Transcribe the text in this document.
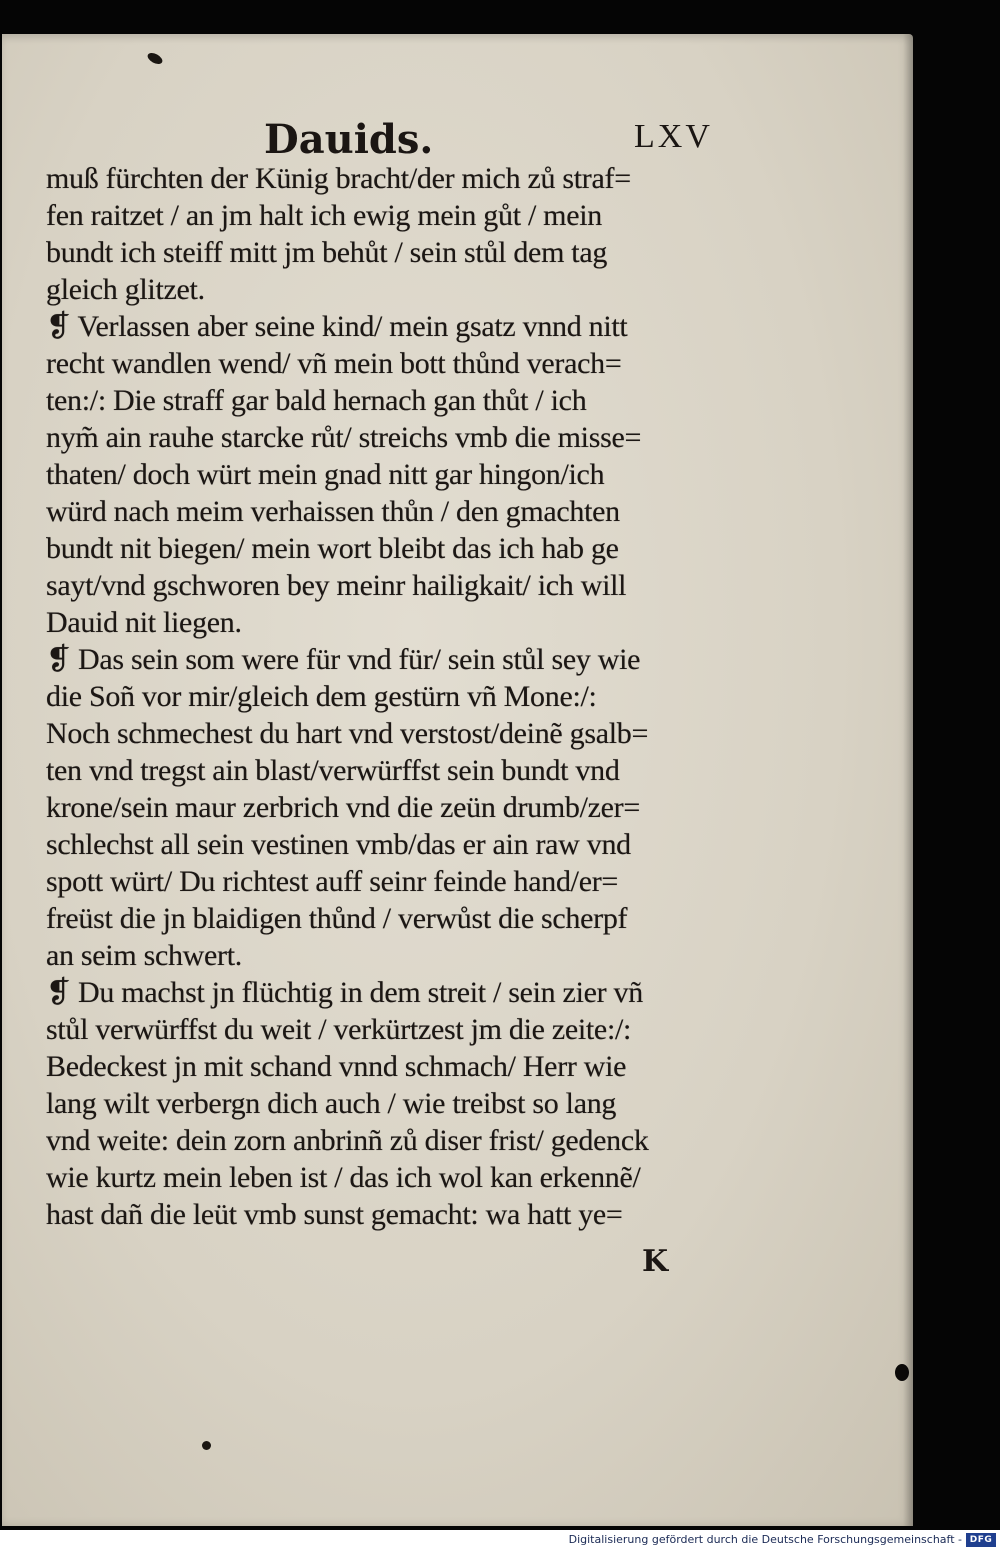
Dauids.	LXV
muß fürchten der Künig bracht/der mich zů straf=
fen raitzet / an jm halt ich ewig mein gůt / mein
bundt ich steiff mitt jm behůt / sein stůl dem tag
gleich glitzet.
❡ Verlassen aber seine kind/ mein gsatz vnnd nitt
recht wandlen wend/ vñ mein bott thůnd verach=
ten:/: Die straff gar bald hernach gan thůt / ich
nym̃ ain rauhe starcke růt/ streichs vmb die misse=
thaten/ doch würt mein gnad nitt gar hingon/ich
würd nach meim verhaissen thůn / den gmachten
bundt nit biegen/ mein wort bleibt das ich hab ge
sayt/vnd gschworen bey meinr hailigkait/ ich will
Dauid nit liegen.
❡ Das sein som were für vnd für/ sein stůl sey wie
die Soñ vor mir/gleich dem gestürn vñ Mone:/:
Noch schmechest du hart vnd verstost/deinẽ gsalb=
ten vnd tregst ain blast/verwürffst sein bundt vnd
krone/sein maur zerbrich vnd die zeün drumb/zer=
schlechst all sein vestinen vmb/das er ain raw vnd
spott würt/ Du richtest auff seinr feinde hand/er=
freüst die jn blaidigen thůnd / verwůst die scherpf
an seim schwert.
❡ Du machst jn flüchtig in dem streit / sein zier vñ
stůl verwürffst du weit / verkürtzest jm die zeite:/:
Bedeckest jn mit schand vnnd schmach/ Herr wie
lang wilt verbergn dich auch / wie treibst so lang
vnd weite: dein zorn anbrinñ zů diser frist/ gedenck
wie kurtz mein leben ist / das ich wol kan erkennẽ/
hast dañ die leüt vmb sunst gemacht: wa hatt ye=
K
Digitalisierung gefördert durch die Deutsche Forschungsgemeinschaft - DFG
